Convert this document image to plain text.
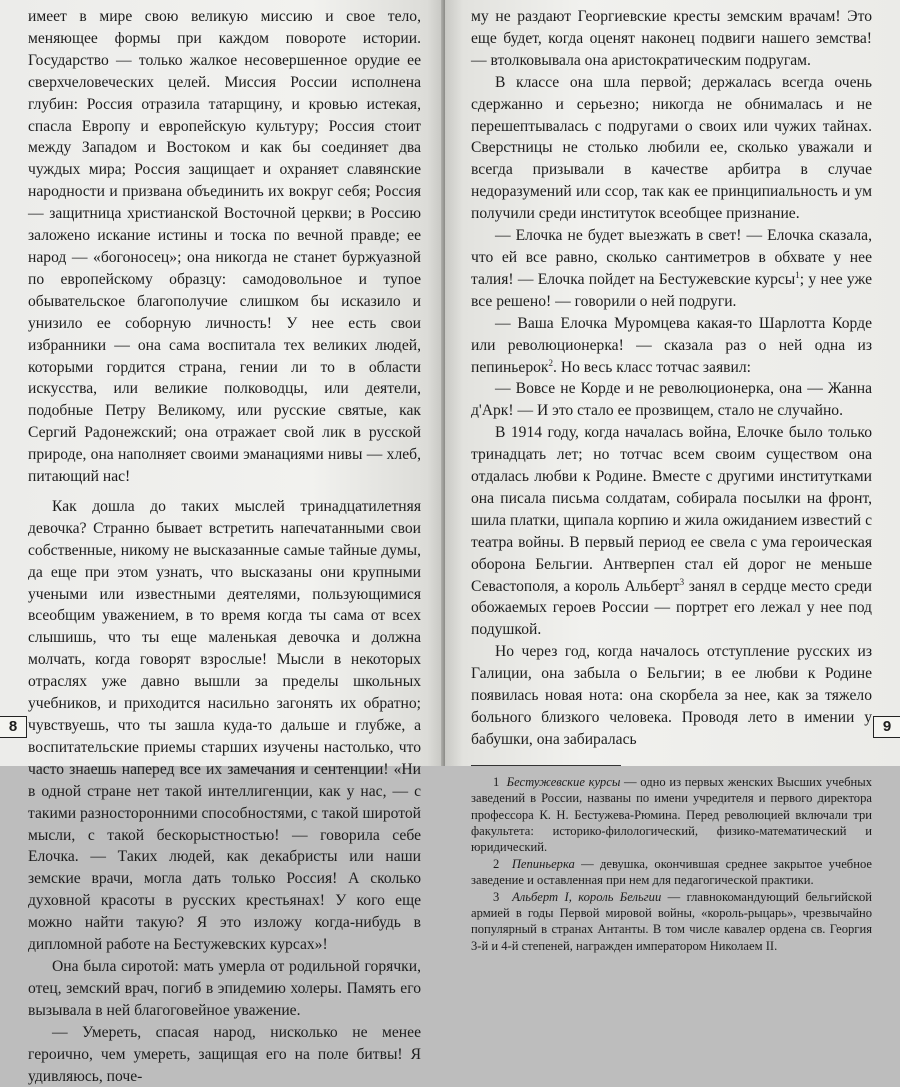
имеет в мире свою великую миссию и свое тело, меняющее формы при каждом повороте истории. Государство — только жалкое несовершенное орудие ее сверхчеловеческих целей. Миссия России исполнена глубин: Россия отразила татарщину, и кровью истекая, спасла Европу и европейскую культуру; Россия стоит между Западом и Востоком и как бы соединяет два чуждых мира; Россия защищает и охраняет славянские народности и призвана объединить их вокруг себя; Россия — защитница христианской Восточной церкви; в Россию заложено искание истины и тоска по вечной правде; ее народ — «богоносец»; она никогда не станет буржуазной по европейскому образцу: самодовольное и тупое обывательское благополучие слишком бы исказило и унизило ее соборную личность! У нее есть свои избранники — она сама воспитала тех великих людей, которыми гордится страна, гении ли то в области искусства, или великие полководцы, или деятели, подобные Петру Великому, или русские святые, как Сергий Радонежский; она отражает свой лик в русской природе, она наполняет своими эманациями нивы — хлеб, питающий нас!

Как дошла до таких мыслей тринадцатилетняя девочка? Странно бывает встретить напечатанными свои собственные, никому не высказанные самые тайные думы, да еще при этом узнать, что высказаны они крупными учеными или известными деятелями, пользующимися всеобщим уважением, в то время когда ты сама от всех слышишь, что ты еще маленькая девочка и должна молчать, когда говорят взрослые! Мысли в некоторых отраслях уже давно вышли за пределы школьных учебников, и приходится насильно загонять их обратно; чувствуешь, что ты зашла куда-то дальше и глубже, а воспитательские приемы старших изучены настолько, что часто знаешь наперед все их замечания и сентенции! «Ни в одной стране нет такой интеллигенции, как у нас, — с такими разносторонними способностями, с такой широтой мысли, с такой бескорыстностью! — говорила себе Елочка. — Таких людей, как декабристы или наши земские врачи, могла дать только Россия! А сколько духовной красоты в русских крестьянах! У кого еще можно найти такую? Я это изложу когда-нибудь в дипломной работе на Бестужевских курсах»!

Она была сиротой: мать умерла от родильной горячки, отец, земский врач, погиб в эпидемию холеры. Память его вызывала в ней благоговейное уважение.

— Умереть, спасая народ, нисколько не менее героично, чем умереть, защищая его на поле битвы! Я удивляюсь, поче-

8

му не раздают Георгиевские кресты земским врачам! Это еще будет, когда оценят наконец подвиги нашего земства! — втолковывала она аристократическим подругам.

В классе она шла первой; держалась всегда очень сдержанно и серьезно; никогда не обнималась и не перешептывалась с подругами о своих или чужих тайнах. Сверстницы не столько любили ее, сколько уважали и всегда призывали в качестве арбитра в случае недоразумений или ссор, так как ее принципиальность и ум получили среди институток всеобщее признание.

— Елочка не будет выезжать в свет! — Елочка сказала, что ей все равно, сколько сантиметров в обхвате у нее талия! — Елочка пойдет на Бестужевские курсы$^1$; у нее уже все решено! — говорили о ней подруги.

— Ваша Елочка Муромцева какая-то Шарлотта Корде или революционерка! — сказала раз о ней одна из пепиньерок$^2$. Но весь класс тотчас заявил:

— Вовсе не Корде и не революционерка, она — Жанна д'Арк! — И это стало ее прозвищем, стало не случайно.

В 1914 году, когда началась война, Елочке было только тринадцать лет; но тотчас всем своим существом она отдалась любви к Родине. Вместе с другими институтками она писала письма солдатам, собирала посылки на фронт, шила платки, щипала корпию и жила ожиданием известий с театра войны. В первый период ее свела с ума героическая оборона Бельгии. Антверпен стал ей дорог не меньше Севастополя, а король Альберт$^3$ занял в сердце место среди обожаемых героев России — портрет его лежал у нее под подушкой.

Но через год, когда началось отступление русских из Галиции, она забыла о Бельгии; в ее любви к Родине появилась новая нота: она скорбела за нее, как за тяжело больного близкого человека. Проводя лето в имении у бабушки, она забиралась

1 Бестужевские курсы — одно из первых женских Высших учебных заведений в России, названы по имени учредителя и первого директора профессора К. Н. Бестужева-Рюмина. Перед революцией включали три факультета: историко-филологический, физико-математический и юридический.

2 Пепиньерка — девушка, окончившая среднее закрытое учебное заведение и оставленная при нем для педагогической практики.

3 Альберт I, король Бельгии — главнокомандующий бельгийской армией в годы Первой мировой войны, «король-рыцарь», чрезвычайно популярный в странах Антанты. В том числе кавалер ордена св. Георгия 3-й и 4-й степеней, награжден императором Николаем II.

9
